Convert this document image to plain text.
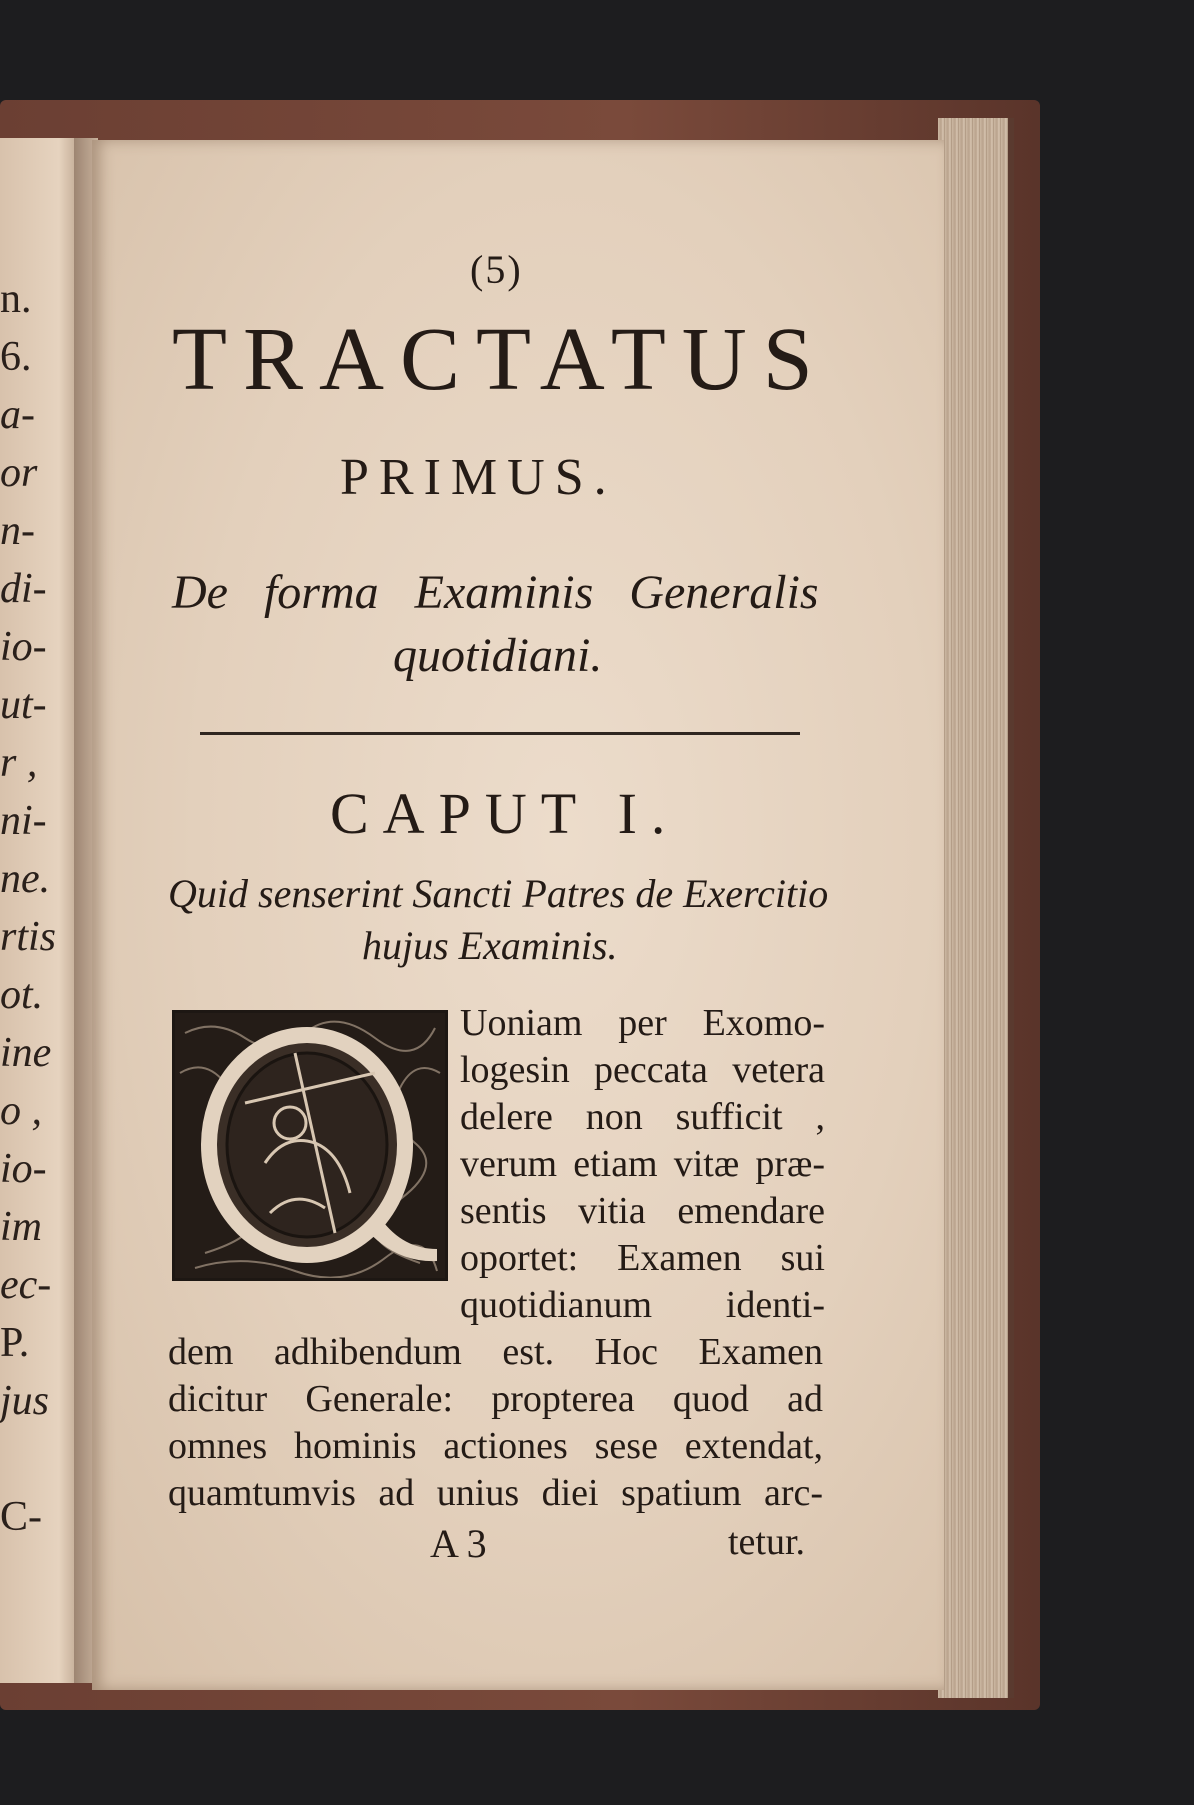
n.
6.
a-
or
n-
di-
io-
ut-
r ,
ni-
ne.
rtis
ot.
ine
o ,
io-
im
ec-
P.
jus
C-
(5)
TRACTATUS
PRIMUS.
De forma Examinis Generalis
quotidiani.
CAPUT I.
Quid senserint Sancti Patres de Exercitio
hujus Examinis.
Uoniam per Exomo-
logesin peccata vetera
delere non sufficit ,
verum etiam vitæ præ-
sentis vitia emendare
oportet: Examen sui
quotidianum identi-
dem adhibendum est. Hoc Examen
dicitur Generale: propterea quod ad
omnes hominis actiones sese extendat,
quamtumvis ad unius diei spatium arc-
A 3	tetur.
